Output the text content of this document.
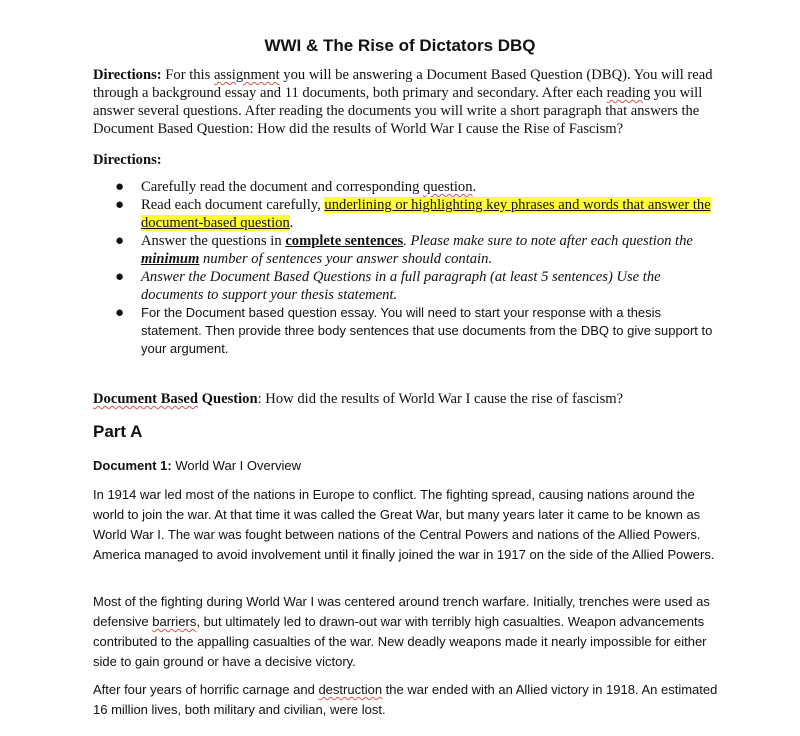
WWI & The Rise of Dictators DBQ
Directions: For this assignment you will be answering a Document Based Question (DBQ). You will read through a background essay and 11 documents, both primary and secondary. After each reading you will answer several questions. After reading the documents you will write a short paragraph that answers the Document Based Question: How did the results of World War I cause the Rise of Fascism?
Directions:
● Carefully read the document and corresponding question.
● Read each document carefully, underlining or highlighting key phrases and words that answer the document-based question.
● Answer the questions in complete sentences. Please make sure to note after each question the minimum number of sentences your answer should contain.
● Answer the Document Based Questions in a full paragraph (at least 5 sentences) Use the documents to support your thesis statement.
● For the Document based question essay. You will need to start your response with a thesis statement. Then provide three body sentences that use documents from the DBQ to give support to your argument.
Document Based Question: How did the results of World War I cause the rise of fascism?
Part A
Document 1: World War I Overview
In 1914 war led most of the nations in Europe to conflict. The fighting spread, causing nations around the world to join the war. At that time it was called the Great War, but many years later it came to be known as World War I. The war was fought between nations of the Central Powers and nations of the Allied Powers. America managed to avoid involvement until it finally joined the war in 1917 on the side of the Allied Powers.
Most of the fighting during World War I was centered around trench warfare. Initially, trenches were used as defensive barriers, but ultimately led to drawn-out war with terribly high casualties. Weapon advancements contributed to the appalling casualties of the war. New deadly weapons made it nearly impossible for either side to gain ground or have a decisive victory.
After four years of horrific carnage and destruction the war ended with an Allied victory in 1918. An estimated 16 million lives, both military and civilian, were lost.
